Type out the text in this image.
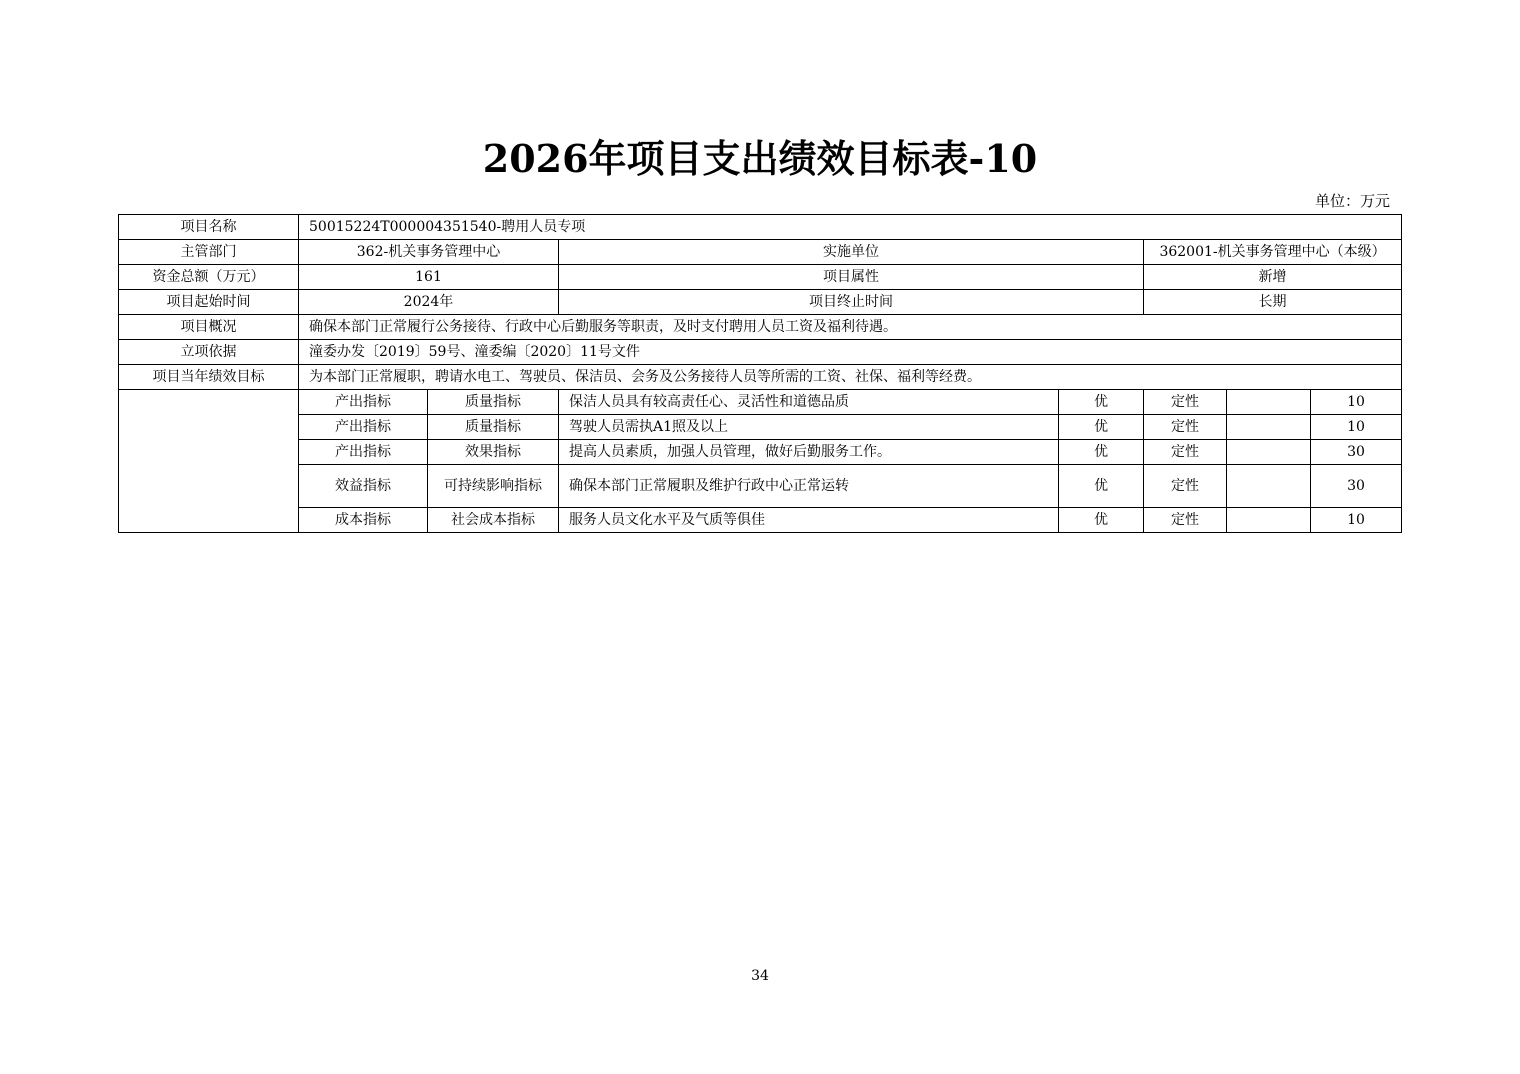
2026年项目支出绩效目标表-10
单位：万元
项目名称	50015224T000004351540-聘用人员专项						
主管部门	362-机关事务管理中心		实施单位		362001-机关事务管理中心（本级）		
资金总额（万元）	161		项目属性		新增		
项目起始时间	2024年		项目终止时间		长期		
项目概况	确保本部门正常履行公务接待、行政中心后勤服务等职责，及时支付聘用人员工资及福利待遇。						
立项依据	潼委办发〔2019〕59号、潼委编〔2020〕11号文件						
项目当年绩效目标	为本部门正常履职，聘请水电工、驾驶员、保洁员、会务及公务接待人员等所需的工资、社保、福利等经费。						
	产出指标	质量指标	保洁人员具有较高责任心、灵活性和道德品质	优	定性		10
	产出指标	质量指标	驾驶人员需执A1照及以上	优	定性		10
	产出指标	效果指标	提高人员素质，加强人员管理，做好后勤服务工作。	优	定性		30
	效益指标	可持续影响指标	确保本部门正常履职及维护行政中心正常运转	优	定性		30
	成本指标	社会成本指标	服务人员文化水平及气质等俱佳	优	定性		10
34
